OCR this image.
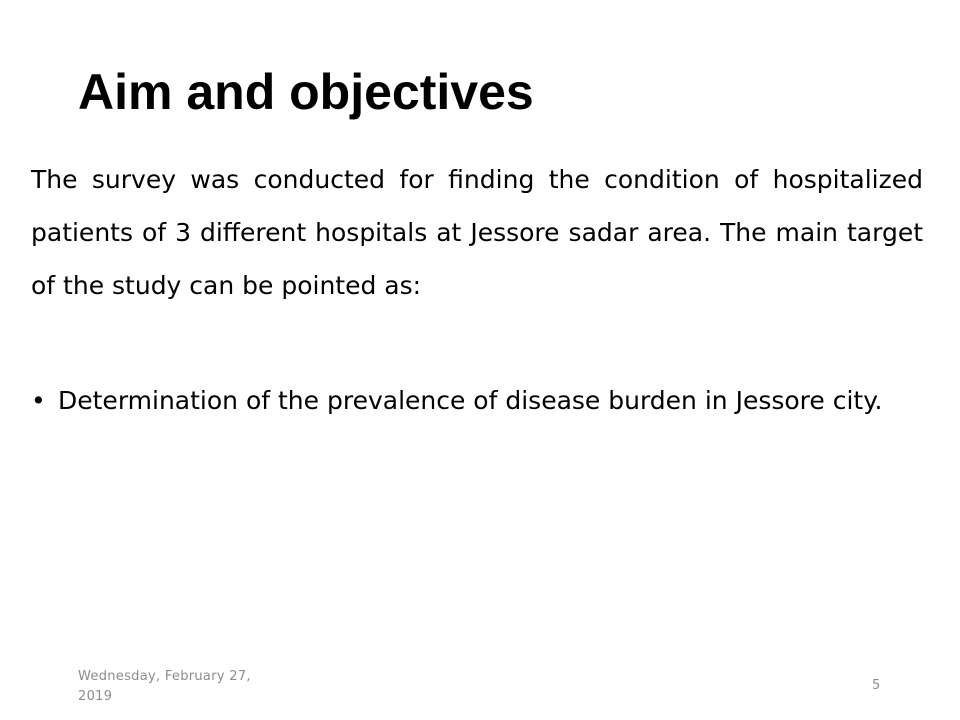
Aim and objectives

The survey was conducted for finding the condition of hospitalized patients of 3 different hospitals at Jessore sadar area. The main target of the study can be pointed as:

• Determination of the prevalence of disease burden in Jessore city.
Wednesday, February 27, 2019
5
